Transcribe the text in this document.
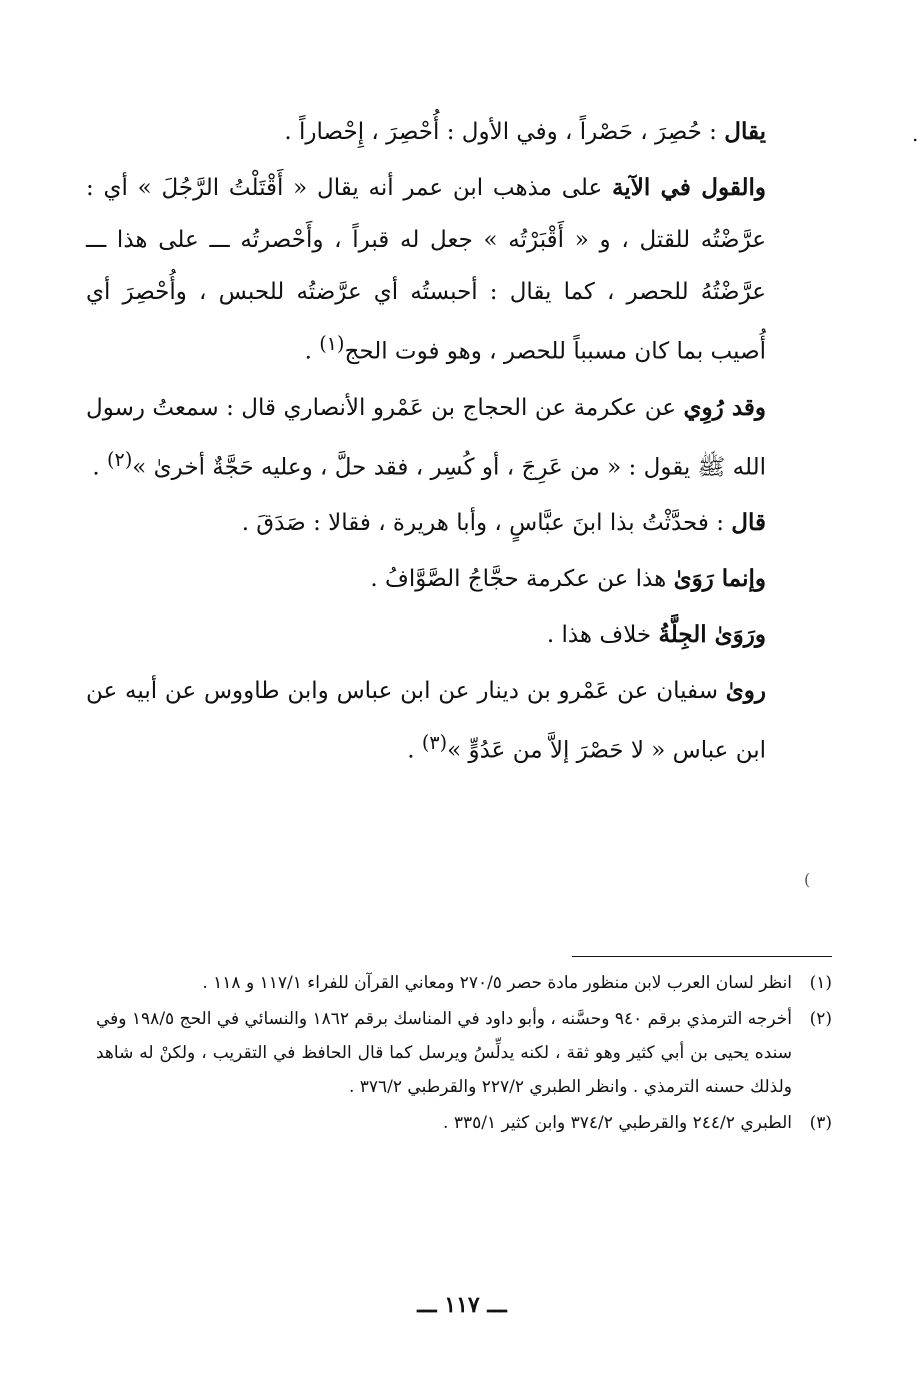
.

يقال : حُصِرَ ، حَصْراً ، وفي الأول : أُحْصِرَ ، إِحْصاراً .

والقول في الآية على مذهب ابن عمر أنه يقال « أَقْتَلْتُ الرَّجُلَ » أي : عرَّضْتُه للقتل ، و « أَقْبَرْتُه » جعل له قبراً ، وأَحْصرتُه ـــ على هذا ـــ عرَّضْتُهُ للحصر ، كما يقال : أحبستُه أي عرَّضتُه للحبس ، وأُحْصِرَ أي أُصيب بما كان مسبباً للحصر ، وهو فوت الحج$^{(١)}$ .

وقد رُوِي عن عكرمة عن الحجاج بن عَمْرو الأنصاري قال : سمعتُ رسول الله ﷺ يقول : « من عَرِجَ ، أو كُسِر ، فقد حلَّ ، وعليه حَجَّةٌ أخرىٰ »$^{(٢)}$ .

قال : فحدَّثْتُ بذا ابنَ عبَّاسٍ ، وأبا هريرة ، فقالا : صَدَقَ .

وإنما رَوَىٰ هذا عن عكرمة حجَّاجُ الصَّوَّافُ .

ورَوَىٰ الجِلَّةُ خلاف هذا .

روىٰ سفيان عن عَمْرو بن دينار عن ابن عباس وابن طاووس عن أبيه عن ابن عباس « لا حَصْرَ إلاَّ من عَدُوٍّ »$^{(٣)}$ .

(
(١)
انظر لسان العرب لابن منظور مادة حصر ٢٧٠/٥ ومعاني القرآن للفراء ١١٧/١ و ١١٨ .
(٢)
أخرجه الترمذي برقم ٩٤٠ وحسَّنه ، وأبو داود في المناسك برقم ١٨٦٢ والنسائي في الحج ١٩٨/٥ وفي سنده يحيى بن أبي كثير وهو ثقة ، لكنه يدلِّسُ ويرسل كما قال الحافظ في التقريب ، ولكنْ له شاهد ولذلك حسنه الترمذي . وانظر الطبري ٢٢٧/٢ والقرطبي ٣٧٦/٢ .
(٣)
الطبري ٢٤٤/٢ والقرطبي ٣٧٤/٢ وابن كثير ٣٣٥/١ .
ـــ ١١٧ ـــ
